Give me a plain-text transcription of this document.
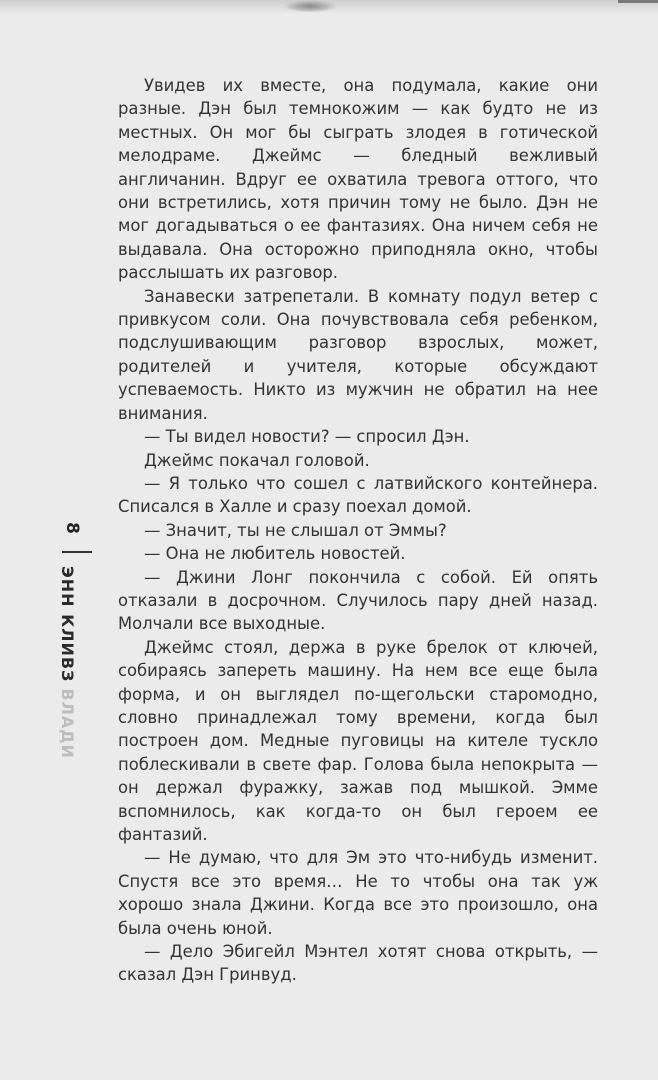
8
ЭНН КЛИВЗВЛАДИ

Увидев их вместе, она подумала, какие они разные. Дэн был темнокожим — как будто не из местных. Он мог бы сыграть злодея в готической мелодраме. Джеймс — бледный вежливый англичанин. Вдруг ее охватила тревога оттого, что они встретились, хотя причин тому не было. Дэн не мог догадываться о ее фантазиях. Она ничем себя не выдавала. Она осторожно приподняла окно, чтобы расслышать их разговор.

Занавески затрепетали. В комнату подул ветер с привкусом соли. Она почувствовала себя ребенком, подслушивающим разговор взрослых, может, родителей и учителя, которые обсуждают успеваемость. Никто из мужчин не обратил на нее внимания.

— Ты видел новости? — спросил Дэн.

Джеймс покачал головой.

— Я только что сошел с латвийского контейнера. Списался в Халле и сразу поехал домой.

— Значит, ты не слышал от Эммы?

— Она не любитель новостей.

— Джини Лонг покончила с собой. Ей опять отказали в досрочном. Случилось пару дней назад. Молчали все выходные.

Джеймс стоял, держа в руке брелок от ключей, собираясь запереть машину. На нем все еще была форма, и он выглядел по-щегольски старомодно, словно принадлежал тому времени, когда был построен дом. Медные пуговицы на кителе тускло поблескивали в свете фар. Голова была непокрыта — он держал фуражку, зажав под мышкой. Эмме вспомнилось, как когда-то он был героем ее фантазий.

— Не думаю, что для Эм это что-нибудь изменит. Спустя все это время… Не то чтобы она так уж хорошо знала Джини. Когда все это произошло, она была очень юной.

— Дело Эбигейл Мэнтел хотят снова открыть, — сказал Дэн Гринвуд.
